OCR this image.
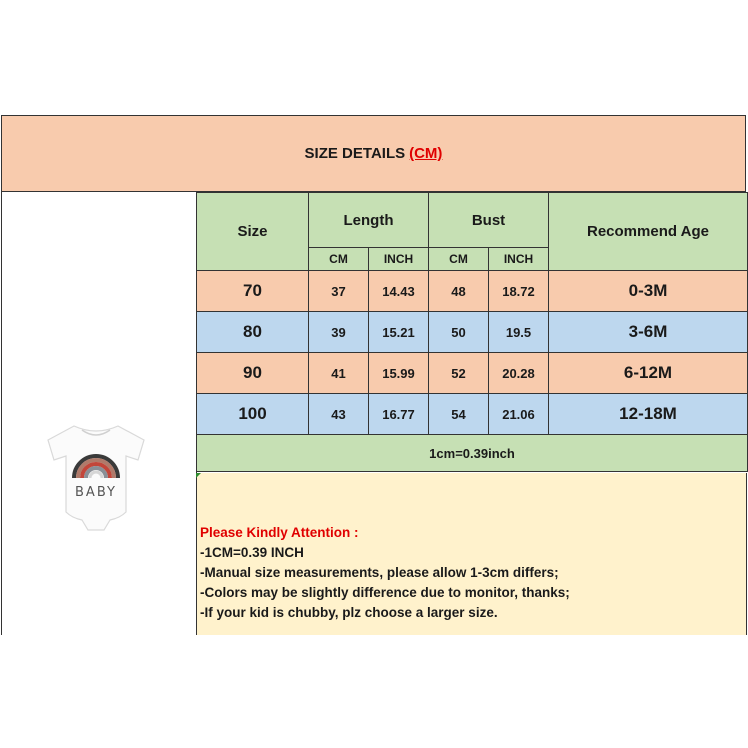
SIZE DETAILS (CM)
BABY
Size	Length		Bust		Recommend Age
	CM	INCH	CM	INCH	
70	37	14.43	48	18.72	0-3M
80	39	15.21	50	19.5	3-6M
90	41	15.99	52	20.28	6-12M
100	43	16.77	54	21.06	12-18M
1cm=0.39inch					
Please Kindly Attention :
-1CM=0.39 INCH
-Manual size measurements, please allow 1-3cm differs;
-Colors may be slightly difference due to monitor, thanks;
-If your kid is chubby, plz choose a larger size.
